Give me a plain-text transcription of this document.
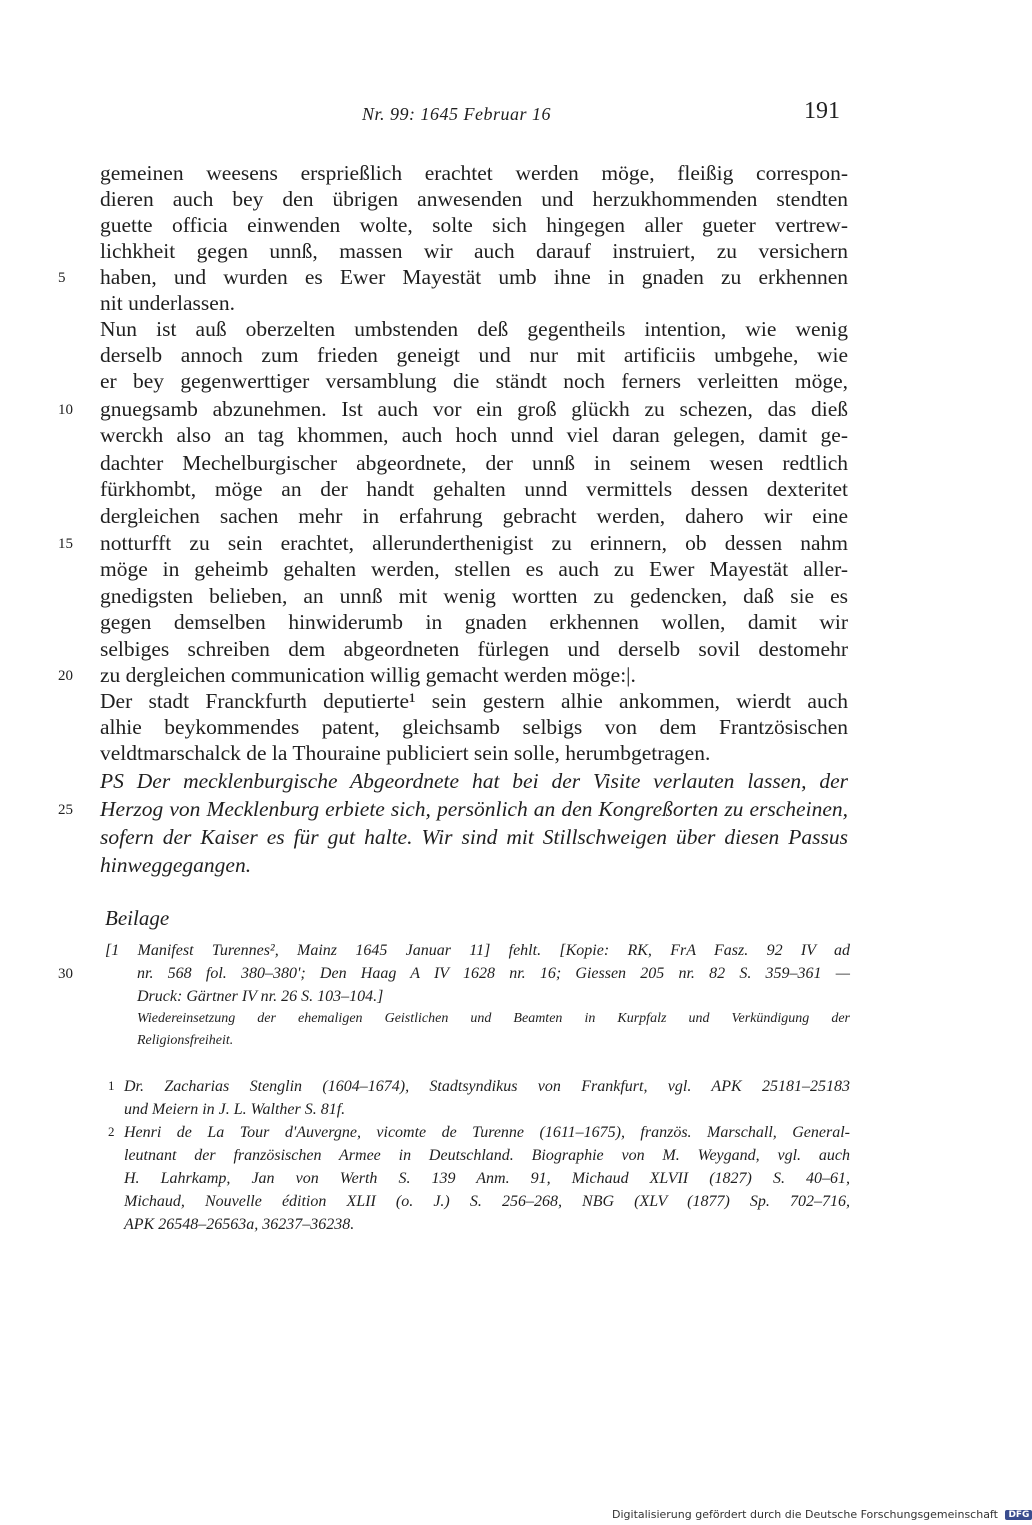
Nr. 99: 1645 Februar 16	191
gemeinen weesens ersprießlich erachtet werden möge, fleißig correspon-
dieren auch bey den übrigen anwesenden und herzukhommenden stendten
guette officia einwenden wolte, solte sich hingegen aller gueter vertrew-
lichkheit gegen unnß, massen wir auch darauf instruiert, zu versichern
haben, und wurden es Ewer Mayestät umb ihne in gnaden zu erkhennen
nit underlassen.
Nun ist auß oberzelten umbstenden deß gegentheils intention, wie wenig
derselb annoch zum frieden geneigt und nur mit artificiis umbgehe, wie
er bey gegenwerttiger versamblung die ständt noch ferners verleitten möge,
gnuegsamb abzunehmen. Ist auch vor ein groß glückh zu schezen, das dieß
werckh also an tag khommen, auch hoch unnd viel daran gelegen, damit ge-
dachter Mechelburgischer abgeordnete, der unnß in seinem wesen redtlich
fürkhombt, möge an der handt gehalten unnd vermittels dessen dexteritet
dergleichen sachen mehr in erfahrung gebracht werden, dahero wir eine
notturfft zu sein erachtet, allerunderthenigist zu erinnern, ob dessen nahm
möge in geheimb gehalten werden, stellen es auch zu Ewer Mayestät aller-
gnedigsten belieben, an unnß mit wenig wortten zu gedencken, daß sie es
gegen demselben hinwiderumb in gnaden erkhennen wollen, damit wir
selbiges schreiben dem abgeordneten fürlegen und derselb sovil destomehr
zu dergleichen communication willig gemacht werden möge:|.
Der stadt Franckfurth deputierte¹ sein gestern alhie ankommen, wierdt auch
alhie beykommendes patent, gleichsamb selbigs von dem Frantzösischen
veldtmarschalck de la Thouraine publiciert sein solle, herumbgetragen.
PS Der mecklenburgische Abgeordnete hat bei der Visite verlauten lassen, der
Herzog von Mecklenburg erbiete sich, persönlich an den Kongreßorten zu erscheinen,
sofern der Kaiser es für gut halte. Wir sind mit Stillschweigen über diesen Passus
hinweggegangen.
5
10
15
20
25
Beilage
30
[1 Manifest Turennes², Mainz 1645 Januar 11] fehlt. [Kopie: RK, FrA Fasz. 92 IV ad
nr. 568 fol. 380–380'; Den Haag A IV 1628 nr. 16; Giessen 205 nr. 82 S. 359–361 —
Druck: Gärtner IV nr. 26 S. 103–104.]
Wiedereinsetzung der ehemaligen Geistlichen und Beamten in Kurpfalz und Verkündigung der
Religionsfreiheit.
1 Dr. Zacharias Stenglin (1604–1674), Stadtsyndikus von Frankfurt, vgl. APK 25181–25183
und Meiern in J. L. Walther S. 81f.
2 Henri de La Tour d'Auvergne, vicomte de Turenne (1611–1675), französ. Marschall, General-
leutnant der französischen Armee in Deutschland. Biographie von M. Weygand, vgl. auch
H. Lahrkamp, Jan von Werth S. 139 Anm. 91, Michaud XLVII (1827) S. 40–61,
Michaud, Nouvelle édition XLII (o. J.) S. 256–268, NBG (XLV (1877) Sp. 702–716,
APK 26548–26563a, 36237–36238.
Digitalisierung gefördert durch die Deutsche Forschungsgemeinschaft DFG
